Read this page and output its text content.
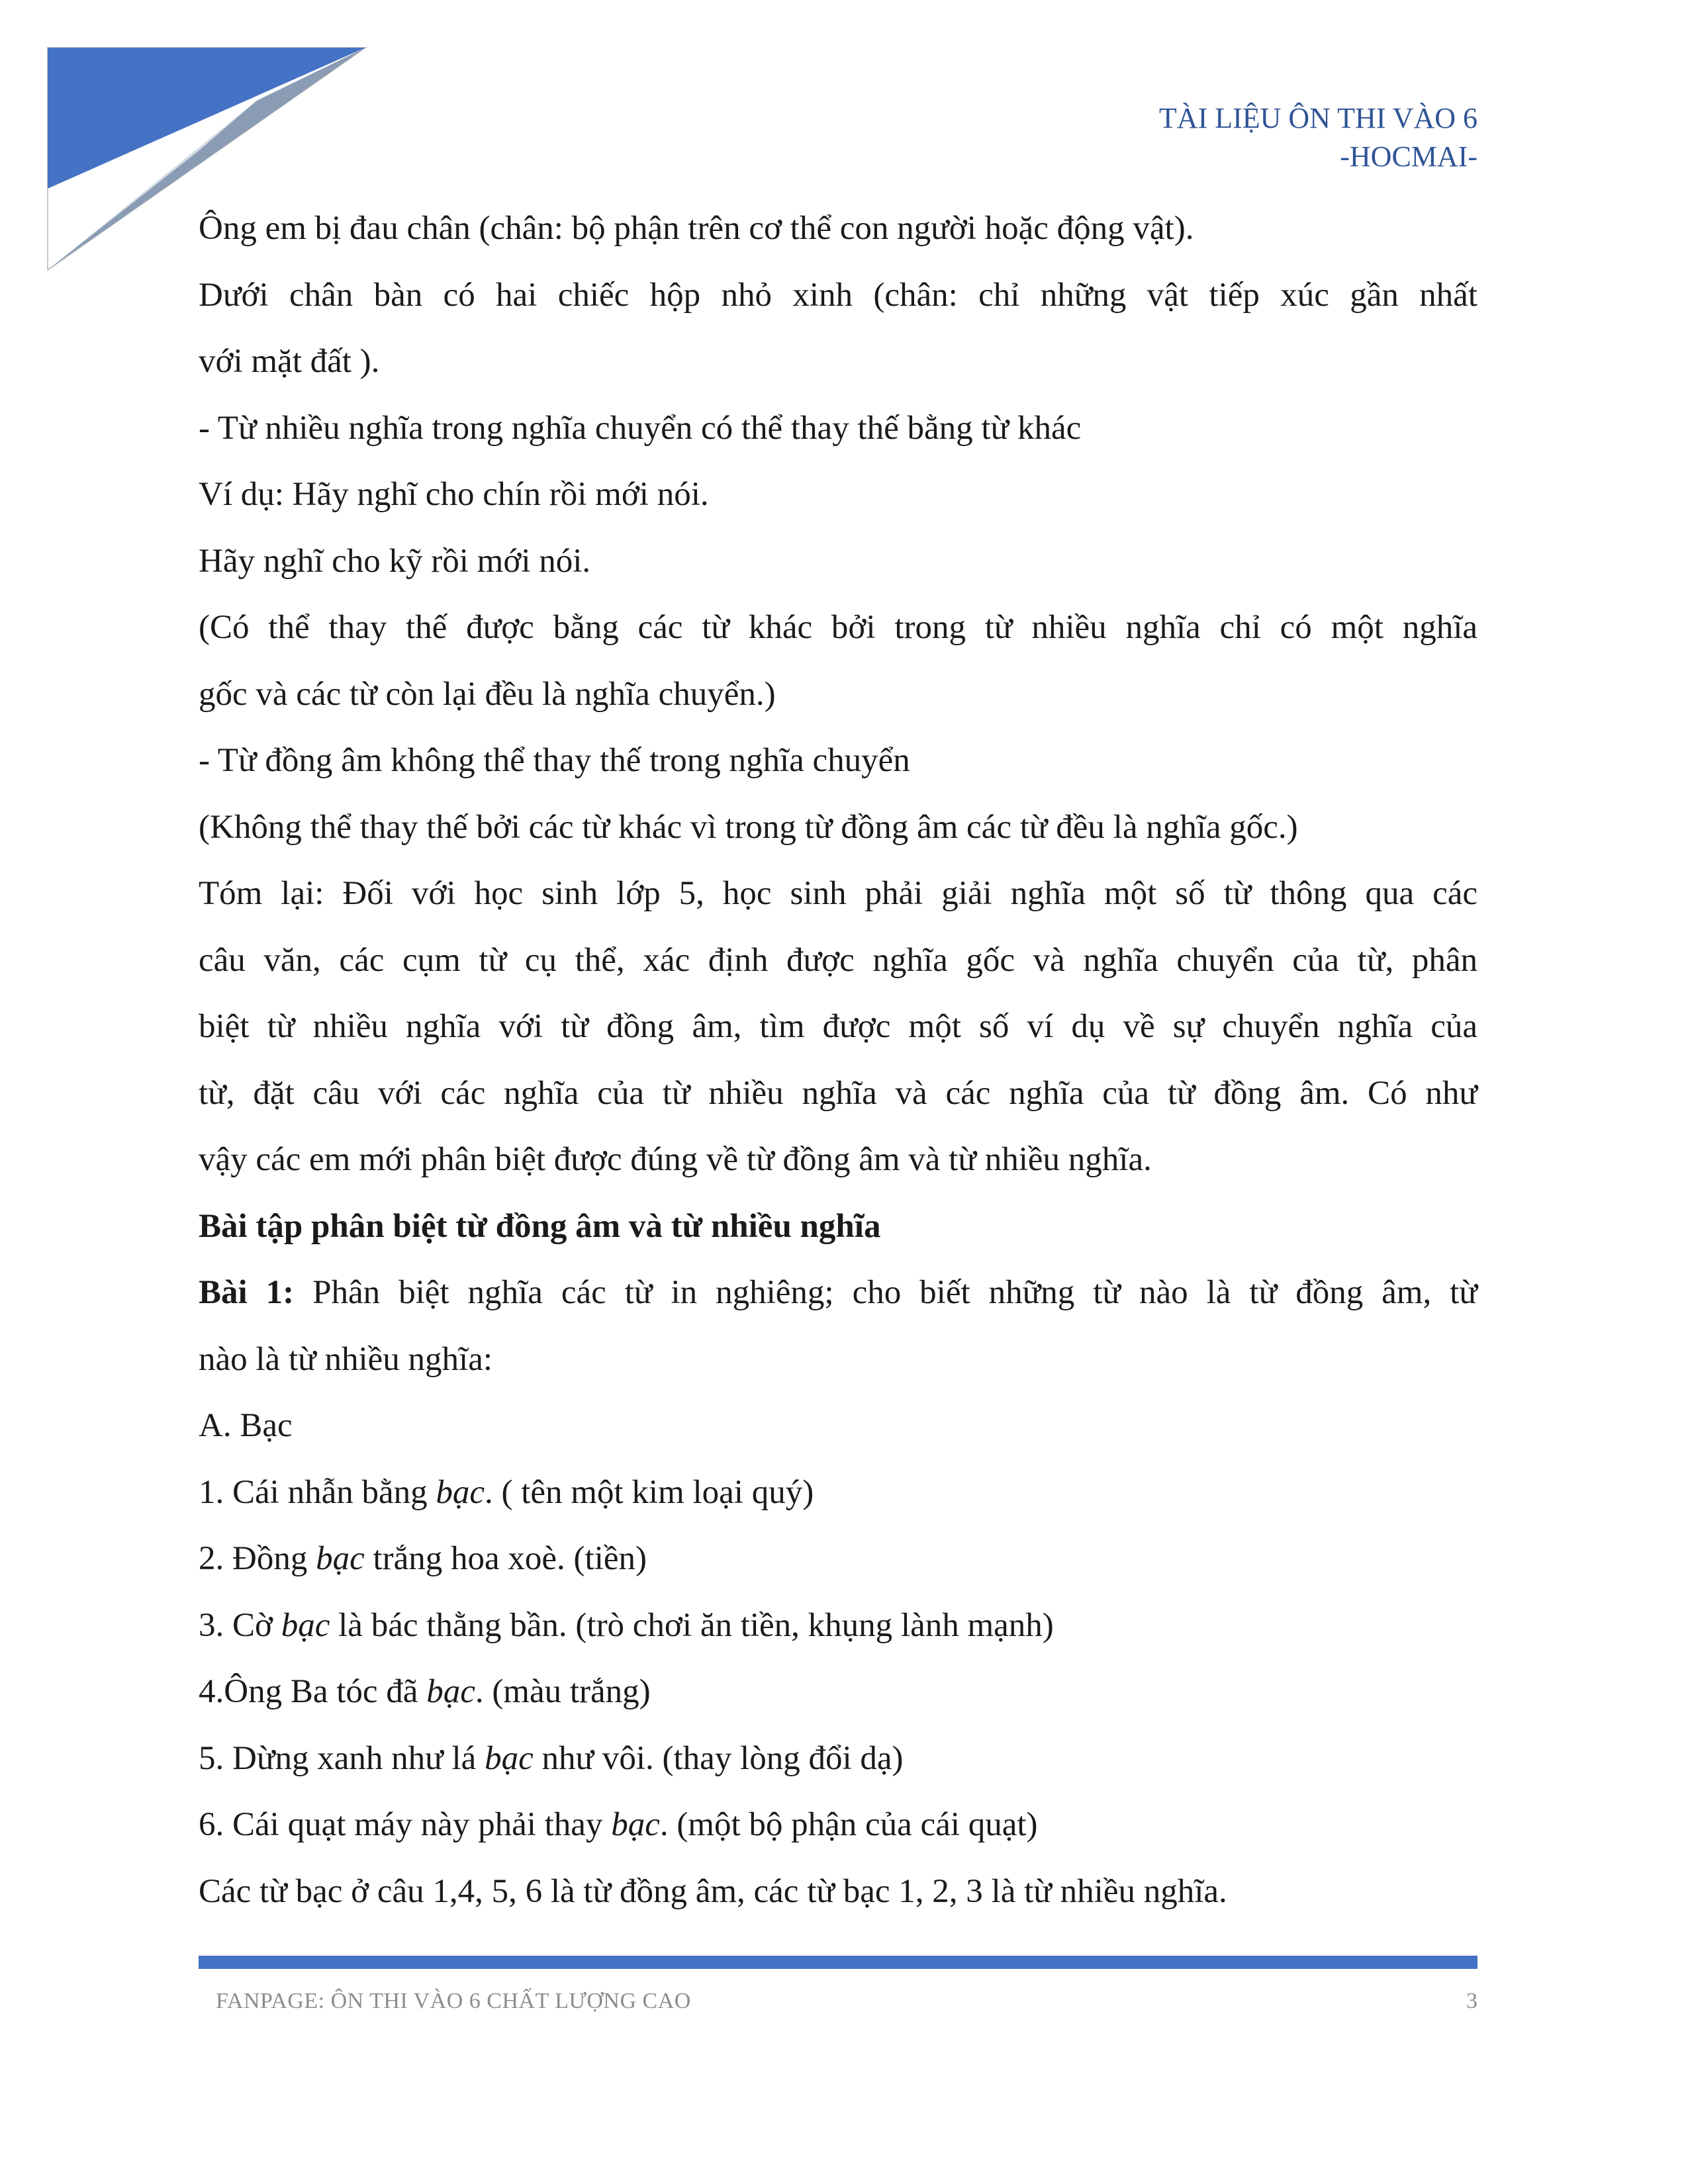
TÀI LIỆU ÔN THI VÀO 6
-HOCMAI-

Ông em bị đau chân (chân: bộ phận trên cơ thể con người hoặc động vật).

Dưới chân bàn có hai chiếc hộp nhỏ xinh (chân: chỉ những vật tiếp xúc gần nhất

với mặt đất ).

- Từ nhiều nghĩa trong nghĩa chuyển có thể thay thế bằng từ khác

Ví dụ: Hãy nghĩ cho chín rồi mới nói.

Hãy nghĩ cho kỹ rồi mới nói.

(Có thể thay thế được bằng các từ khác bởi trong từ nhiều nghĩa chỉ có một nghĩa

gốc và các từ còn lại đều là nghĩa chuyển.)

- Từ đồng âm không thể thay thế trong nghĩa chuyển

(Không thể thay thế bởi các từ khác vì trong từ đồng âm các từ đều là nghĩa gốc.)

Tóm lại: Đối với học sinh lớp 5, học sinh phải giải nghĩa một số từ thông qua các

câu văn, các cụm từ cụ thể, xác định được nghĩa gốc và nghĩa chuyển của từ, phân

biệt từ nhiều nghĩa với từ đồng âm, tìm được một số ví dụ về sự chuyển nghĩa của

từ, đặt câu với các nghĩa của từ nhiều nghĩa và các nghĩa của từ đồng âm. Có như

vậy các em mới phân biệt được đúng về từ đồng âm và từ nhiều nghĩa.

Bài tập phân biệt từ đồng âm và từ nhiều nghĩa

Bài 1: Phân biệt nghĩa các từ in nghiêng; cho biết những từ nào là từ đồng âm, từ

nào là từ nhiều nghĩa:

A. Bạc

1. Cái nhẫn bằng bạc. ( tên một kim loại quý)

2. Đồng bạc trắng hoa xoè. (tiền)

3. Cờ bạc là bác thằng bần. (trò chơi ăn tiền, khụng lành mạnh)

4.Ông Ba tóc đã bạc. (màu trắng)

5. Dừng xanh như lá bạc như vôi. (thay lòng đổi dạ)

6. Cái quạt máy này phải thay bạc. (một bộ phận của cái quạt)

Các từ bạc ở câu 1,4, 5, 6 là từ đồng âm, các từ bạc 1, 2, 3 là từ nhiều nghĩa.

FANPAGE: ÔN THI VÀO 6 CHẤT LƯỢNG CAO	3
